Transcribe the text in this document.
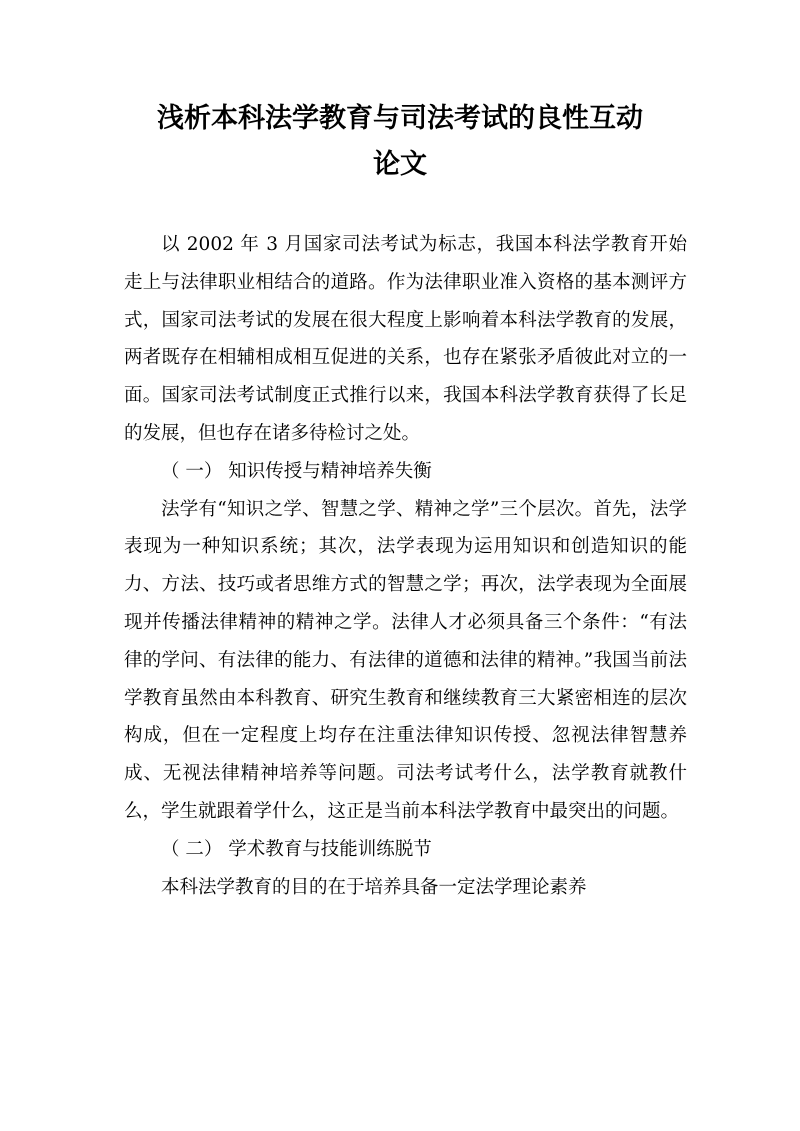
浅析本科法学教育与司法考试的良性互动
论文

以 2002 年 3 月国家司法考试为标志，我国本科法学教育开始走上与法律职业相结合的道路。作为法律职业准入资格的基本测评方式，国家司法考试的发展在很大程度上影响着本科法学教育的发展，两者既存在相辅相成相互促进的关系，也存在紧张矛盾彼此对立的一面。国家司法考试制度正式推行以来，我国本科法学教育获得了长足的发展，但也存在诸多待检讨之处。

（ 一） 知识传授与精神培养失衡

法学有“知识之学、智慧之学、精神之学”三个层次。首先，法学表现为一种知识系统；其次，法学表现为运用知识和创造知识的能力、方法、技巧或者思维方式的智慧之学；再次，法学表现为全面展现并传播法律精神的精神之学。法律人才必须具备三个条件：“有法律的学问、有法律的能力、有法律的道德和法律的精神。”我国当前法学教育虽然由本科教育、研究生教育和继续教育三大紧密相连的层次构成，但在一定程度上均存在注重法律知识传授、忽视法律智慧养成、无视法律精神培养等问题。司法考试考什么，法学教育就教什么，学生就跟着学什么，这正是当前本科法学教育中最突出的问题。

（ 二） 学术教育与技能训练脱节

本科法学教育的目的在于培养具备一定法学理论素养
